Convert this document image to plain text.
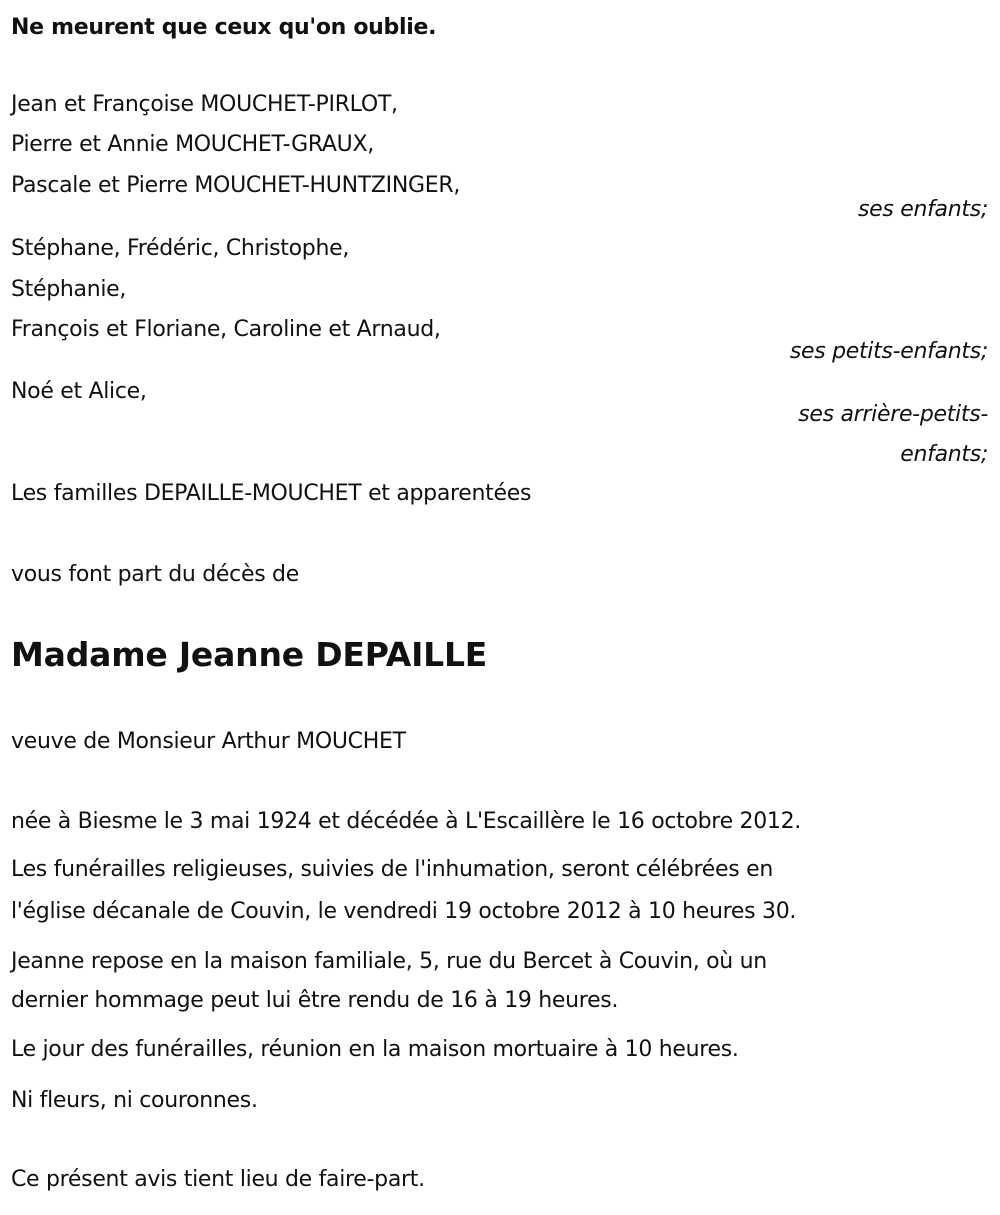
Ne meurent que ceux qu'on oublie.
Jean et Françoise MOUCHET-PIRLOT,
Pierre et Annie MOUCHET-GRAUX,
Pascale et Pierre MOUCHET-HUNTZINGER,
ses enfants;
Stéphane, Frédéric, Christophe,
Stéphanie,
François et Floriane, Caroline et Arnaud,
ses petits-enfants;
Noé et Alice,
ses arrière-petits-
enfants;
Les familles DEPAILLE-MOUCHET et apparentées
vous font part du décès de
Madame Jeanne DEPAILLE
veuve de Monsieur Arthur MOUCHET
née à Biesme le 3 mai 1924 et décédée à L'Escaillère le 16 octobre 2012.
Les funérailles religieuses, suivies de l'inhumation, seront célébrées en
l'église décanale de Couvin, le vendredi 19 octobre 2012 à 10 heures 30.
Jeanne repose en la maison familiale, 5, rue du Bercet à Couvin, où un
dernier hommage peut lui être rendu de 16 à 19 heures.
Le jour des funérailles, réunion en la maison mortuaire à 10 heures.
Ni fleurs, ni couronnes.
Ce présent avis tient lieu de faire-part.
